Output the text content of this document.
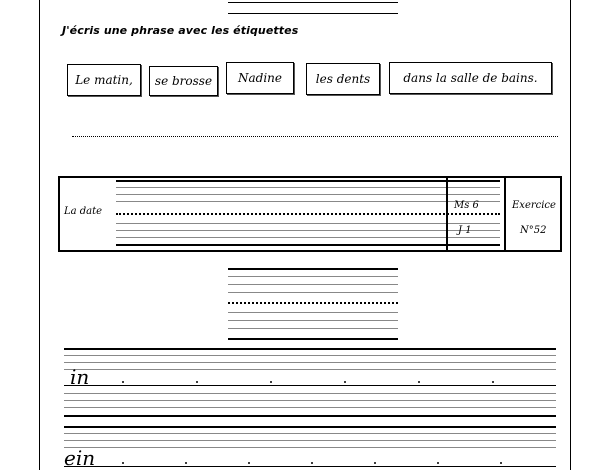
J'écris une phrase avec les étiquettes
Le matin,	se brosse	Nadine	les dents	dans la salle de bains.
La date
Ms 6
J 1
Exercice
N°52
in
ein
